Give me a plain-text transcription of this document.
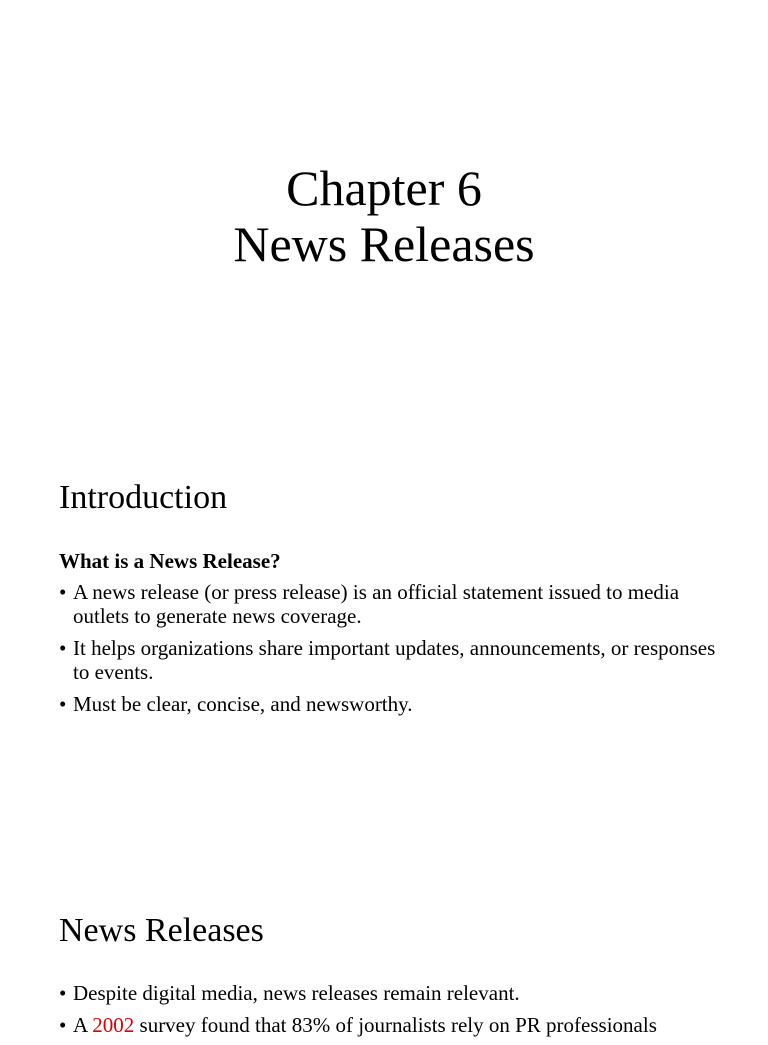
Chapter 6
News Releases
Introduction

What is a News Release?

• A news release (or press release) is an official statement issued to media outlets to generate news coverage.
• It helps organizations share important updates, announcements, or responses to events.
• Must be clear, concise, and newsworthy.
News Releases
• Despite digital media, news releases remain relevant.
• A 2002 survey found that 83% of journalists rely on PR professionals
